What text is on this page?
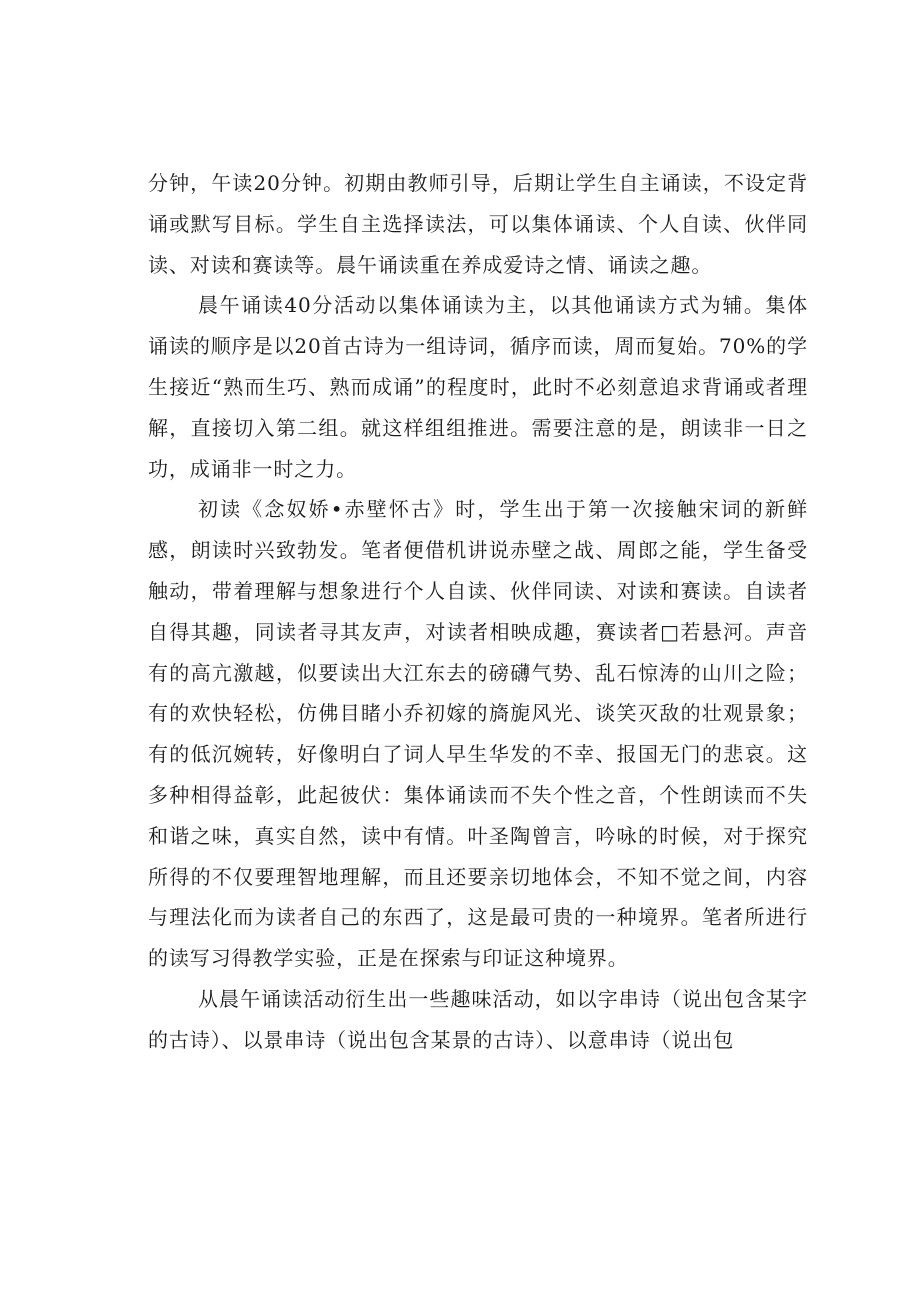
分钟，午读20分钟。初期由教师引导，后期让学生自主诵读，不设定背诵或默写目标。学生自主选择读法，可以集体诵读、个人自读、伙伴同读、对读和赛读等。晨午诵读重在养成爱诗之情、诵读之趣。

晨午诵读40分活动以集体诵读为主，以其他诵读方式为辅。集体诵读的顺序是以20首古诗为一组诗词，循序而读，周而复始。70%的学生接近“熟而生巧、熟而成诵”的程度时，此时不必刻意追求背诵或者理解，直接切入第二组。就这样组组推进。需要注意的是，朗读非一日之功，成诵非一时之力。

初读《念奴娇•赤壁怀古》时，学生出于第一次接触宋词的新鲜感，朗读时兴致勃发。笔者便借机讲说赤壁之战、周郎之能，学生备受触动，带着理解与想象进行个人自读、伙伴同读、对读和赛读。自读者自得其趣，同读者寻其友声，对读者相映成趣，赛读者□若悬河。声音有的高亢激越，似要读出大江东去的磅礴气势、乱石惊涛的山川之险；有的欢快轻松，仿佛目睹小乔初嫁的旖旎风光、谈笑灭敌的壮观景象；有的低沉婉转，好像明白了词人早生华发的不幸、报国无门的悲哀。这多种相得益彰，此起彼伏：集体诵读而不失个性之音，个性朗读而不失和谐之味，真实自然，读中有情。叶圣陶曾言，吟咏的时候，对于探究所得的不仅要理智地理解，而且还要亲切地体会，不知不觉之间，内容与理法化而为读者自己的东西了，这是最可贵的一种境界。笔者所进行的读写习得教学实验，正是在探索与印证这种境界。

从晨午诵读活动衍生出一些趣味活动，如以字串诗（说出包含某字的古诗）、以景串诗（说出包含某景的古诗）、以意串诗（说出包
